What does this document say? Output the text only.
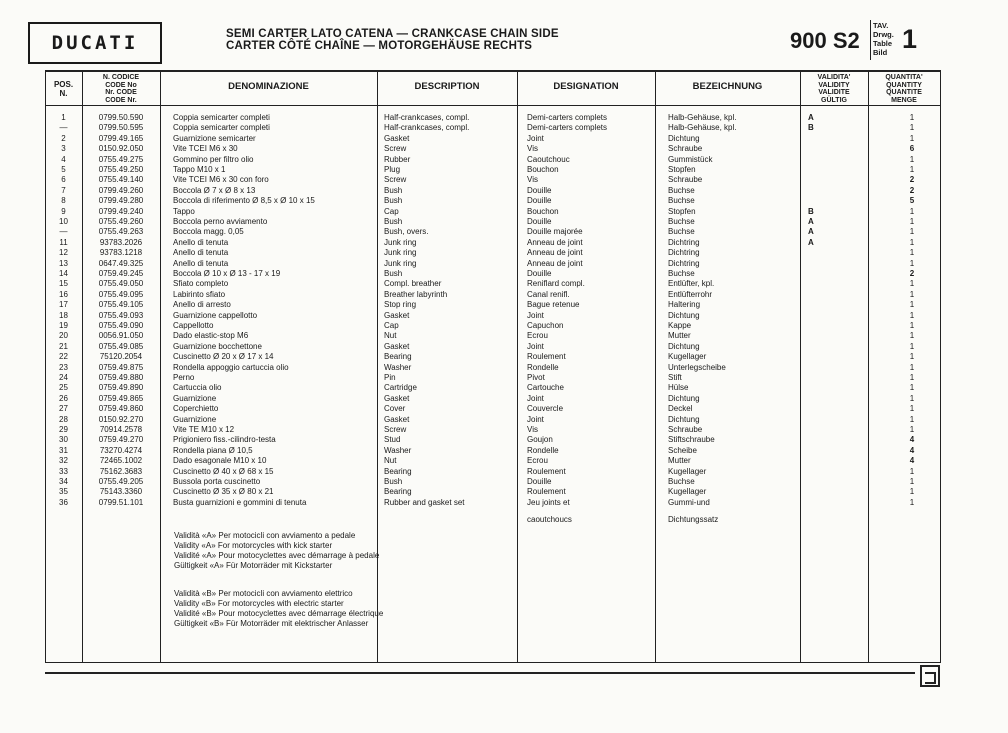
DUCATI	SEMI CARTER LATO CATENA — CRANKCASE CHAIN SIDE
CARTER CÔTÉ CHAÎNE — MOTORGEHÄUSE RECHTS	900 S2
TAV.
Drwg.
Table
Bild 1
POS.
N.
N. CODICE
CODE No
Nr. CODE
CODE Nr.
DENOMINAZIONE	DESCRIPTION	DESIGNATION	BEZEICHNUNG
VALIDITA'
VALIDITY
VALIDITE
GÜLTIG
QUANTITA'
QUANTITY
QUANTITE
MENGE
1	0799.50.590	Coppia semicarter completi	Half-crankcases, compl.	Demi-carters complets	Halb-Gehäuse, kpl.	A	1
—	0799.50.595	Coppia semicarter completi	Half-crankcases, compl.	Demi-carters complets	Halb-Gehäuse, kpl.	B	1
2	0799.49.165	Guarnizione semicarter	Gasket	Joint	Dichtung	1
3	0150.92.050	Vite TCEI M6 x 30	Screw	Vis	Schraube	6
4	0755.49.275	Gommino per filtro olio	Rubber	Caoutchouc	Gummistück	1
5	0755.49.250	Tappo M10 x 1	Plug	Bouchon	Stopfen	1
6	0755.49.140	Vite TCEI M6 x 30 con foro	Screw	Vis	Schraube	2
7	0799.49.260	Boccola Ø 7 x Ø 8 x 13	Bush	Douille	Buchse	2
8	0799.49.280	Boccola di riferimento Ø 8,5 x Ø 10 x 15	Bush	Douille	Buchse	5
9	0799.49.240	Tappo	Cap	Bouchon	Stopfen	B	1
10	0755.49.260	Boccola perno avviamento	Bush	Douille	Buchse	A	1
—	0755.49.263	Boccola magg. 0,05	Bush, overs.	Douille majorée	Buchse	A	1
11	93783.2026	Anello di tenuta	Junk ring	Anneau de joint	Dichtring	A	1
12	93783.1218	Anello di tenuta	Junk ring	Anneau de joint	Dichtring	1
13	0647.49.325	Anello di tenuta	Junk ring	Anneau de joint	Dichtring	1
14	0759.49.245	Boccola Ø 10 x Ø 13 - 17 x 19	Bush	Douille	Buchse	2
15	0755.49.050	Sfiato completo	Compl. breather	Reniflard compl.	Entlüfter, kpl.	1
16	0755.49.095	Labirinto sfiato	Breather labyrinth	Canal renifl.	Entlüfterrohr	1
17	0755.49.105	Anello di arresto	Stop ring	Bague retenue	Haltering	1
18	0755.49.093	Guarnizione cappellotto	Gasket	Joint	Dichtung	1
19	0755.49.090	Cappellotto	Cap	Capuchon	Kappe	1
20	0056.91.050	Dado elastic-stop M6	Nut	Ecrou	Mutter	1
21	0755.49.085	Guarnizione bocchettone	Gasket	Joint	Dichtung	1
22	75120.2054	Cuscinetto Ø 20 x Ø 17 x 14	Bearing	Roulement	Kugellager	1
23	0759.49.875	Rondella appoggio cartuccia olio	Washer	Rondelle	Unterlegscheibe	1
24	0759.49.880	Perno	Pin	Pivot	Stift	1
25	0759.49.890	Cartuccia olio	Cartridge	Cartouche	Hülse	1
26	0759.49.865	Guarnizione	Gasket	Joint	Dichtung	1
27	0759.49.860	Coperchietto	Cover	Couvercle	Deckel	1
28	0150.92.270	Guarnizione	Gasket	Joint	Dichtung	1
29	70914.2578	Vite TE M10 x 12	Screw	Vis	Schraube	1
30	0759.49.270	Prigioniero fiss.-cilindro-testa	Stud	Goujon	Stiftschraube	4
31	73270.4274	Rondella piana Ø 10,5	Washer	Rondelle	Scheibe	4
32	72465.1002	Dado esagonale M10 x 10	Nut	Ecrou	Mutter	4
33	75162.3683	Cuscinetto Ø 40 x Ø 68 x 15	Bearing	Roulement	Kugellager	1
34	0755.49.205	Bussola porta cuscinetto	Bush	Douille	Buchse	1
35	75143.3360	Cuscinetto Ø 35 x Ø 80 x 21	Bearing	Roulement	Kugellager	1
36	0799.51.101	Busta guarnizioni e gommini di tenuta	Rubber and gasket set	Jeu joints et	Gummi-und	1
caoutchoucs	Dichtungssatz
Validità «A» Per motocicli con avviamento a pedale
Validity «A» For motorcycles with kick starter
Validité «A» Pour motocyclettes avec démarrage à pedale
Gültigkeit «A» Für Motorräder mit Kickstarter
Validità «B» Per motocicli con avviamento elettrico
Validity «B» For motorcycles with electric starter
Validité «B» Pour motocyclettes avec démarrage électrique
Gültigkeit «B» Für Motorräder mit elektrischer Anlasser
